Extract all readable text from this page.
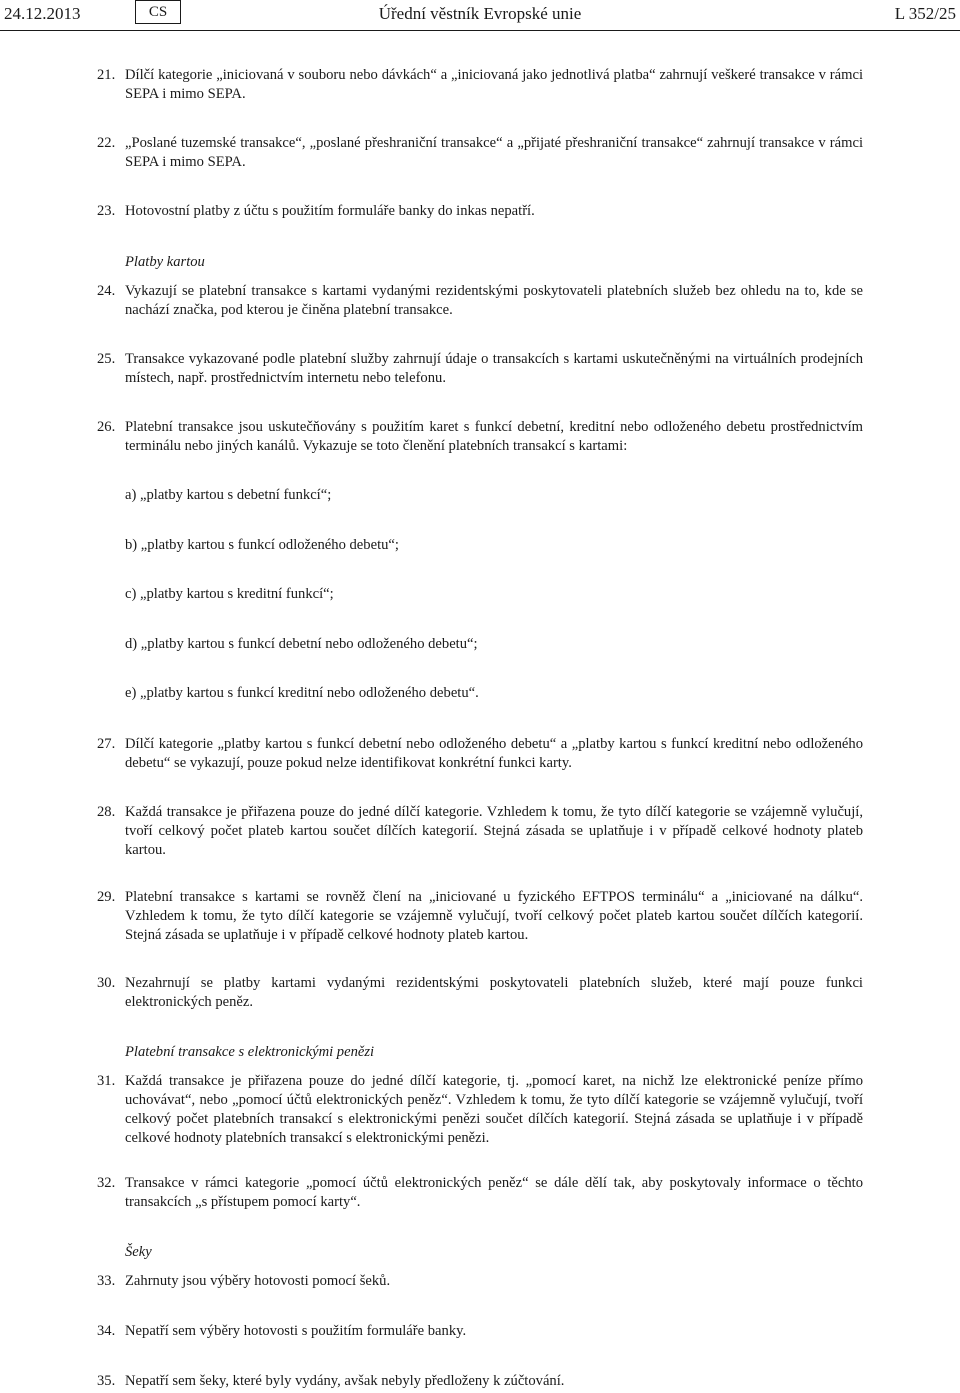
24.12.2013	CS	Úřední věstník Evropské unie	L 352/25
21. Dílčí kategorie „iniciovaná v souboru nebo dávkách“ a „iniciovaná jako jednotlivá platba“ zahrnují veškeré transakce v rámci SEPA i mimo SEPA.
22. „Poslané tuzemské transakce“, „poslané přeshraniční transakce“ a „přijaté přeshraniční transakce“ zahrnují transakce v rámci SEPA i mimo SEPA.
23. Hotovostní platby z účtu s použitím formuláře banky do inkas nepatří.
Platby kartou
24. Vykazují se platební transakce s kartami vydanými rezidentskými poskytovateli platebních služeb bez ohledu na to, kde se nachází značka, pod kterou je činěna platební transakce.
25. Transakce vykazované podle platební služby zahrnují údaje o transakcích s kartami uskutečněnými na virtuálních prodejních místech, např. prostřednictvím internetu nebo telefonu.
26. Platební transakce jsou uskutečňovány s použitím karet s funkcí debetní, kreditní nebo odloženého debetu prostřednictvím terminálu nebo jiných kanálů. Vykazuje se toto členění platebních transakcí s kartami:
a) „platby kartou s debetní funkcí“;
b) „platby kartou s funkcí odloženého debetu“;
c) „platby kartou s kreditní funkcí“;
d) „platby kartou s funkcí debetní nebo odloženého debetu“;
e) „platby kartou s funkcí kreditní nebo odloženého debetu“.
27. Dílčí kategorie „platby kartou s funkcí debetní nebo odloženého debetu“ a „platby kartou s funkcí kreditní nebo odloženého debetu“ se vykazují, pouze pokud nelze identifikovat konkrétní funkci karty.
28. Každá transakce je přiřazena pouze do jedné dílčí kategorie. Vzhledem k tomu, že tyto dílčí kategorie se vzájemně vylučují, tvoří celkový počet plateb kartou součet dílčích kategorií. Stejná zásada se uplatňuje i v případě celkové hodnoty plateb kartou.
29. Platební transakce s kartami se rovněž člení na „iniciované u fyzického EFTPOS terminálu“ a „iniciované na dálku“. Vzhledem k tomu, že tyto dílčí kategorie se vzájemně vylučují, tvoří celkový počet plateb kartou součet dílčích kategorií. Stejná zásada se uplatňuje i v případě celkové hodnoty plateb kartou.
30. Nezahrnují se platby kartami vydanými rezidentskými poskytovateli platebních služeb, které mají pouze funkci elektronických peněz.
Platební transakce s elektronickými penězi
31. Každá transakce je přiřazena pouze do jedné dílčí kategorie, tj. „pomocí karet, na nichž lze elektronické peníze přímo uchovávat“, nebo „pomocí účtů elektronických peněz“. Vzhledem k tomu, že tyto dílčí kategorie se vzájemně vylučují, tvoří celkový počet platebních transakcí s elektronickými penězi součet dílčích kategorií. Stejná zásada se uplatňuje i v případě celkové hodnoty platebních transakcí s elektronickými penězi.
32. Transakce v rámci kategorie „pomocí účtů elektronických peněz“ se dále dělí tak, aby poskytovaly informace o těchto transakcích „s přístupem pomocí karty“.
Šeky
33. Zahrnuty jsou výběry hotovosti pomocí šeků.
34. Nepatří sem výběry hotovosti s použitím formuláře banky.
35. Nepatří sem šeky, které byly vydány, avšak nebyly předloženy k zúčtování.
